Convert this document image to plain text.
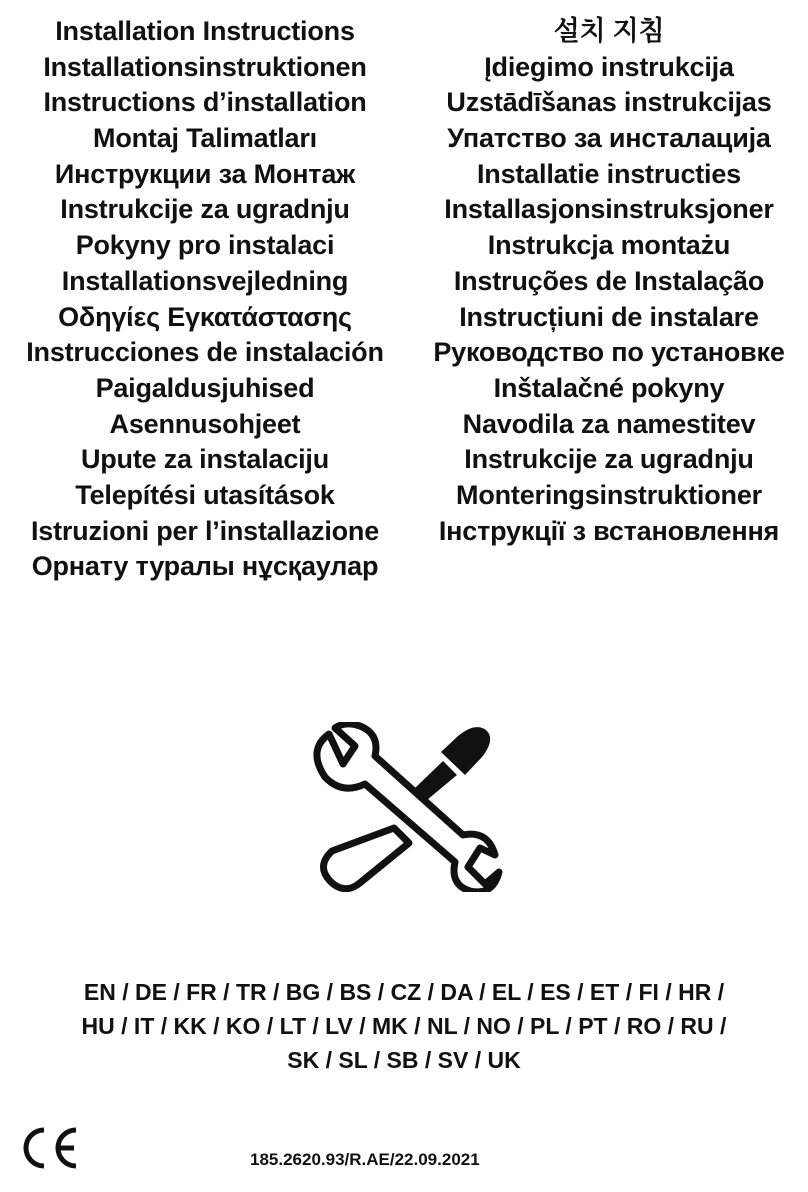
Installation Instructions
Installationsinstruktionen
Instructions d’installation
Montaj Talimatları
Инструкции за Монтаж
Instrukcije za ugradnju
Pokyny pro instalaci
Installationsvejledning
Οδηγίες Εγκατάστασης
Instrucciones de instalación
Paigaldusjuhised
Asennusohjeet
Upute za instalaciju
Telepítési utasítások
Istruzioni per l’installazione
Орнату туралы нұсқаулар
설치 지침
Įdiegimo instrukcija
Uzstādīšanas instrukcijas
Упатство за инсталација
Installatie instructies
Installasjonsinstruksjoner
Instrukcja montażu
Instruções de Instalação
Instrucțiuni de instalare
Руководство по установке
Inštalačné pokyny
Navodila za namestitev
Instrukcije za ugradnju
Monteringsinstruktioner
Інструкції з встановлення
EN / DE / FR / TR / BG / BS / CZ / DA / EL / ES / ET / FI / HR /
HU / IT / KK / KO / LT / LV / MK / NL / NO / PL / PT / RO / RU /
SK / SL / SB / SV / UK
185.2620.93/R.AE/22.09.2021
